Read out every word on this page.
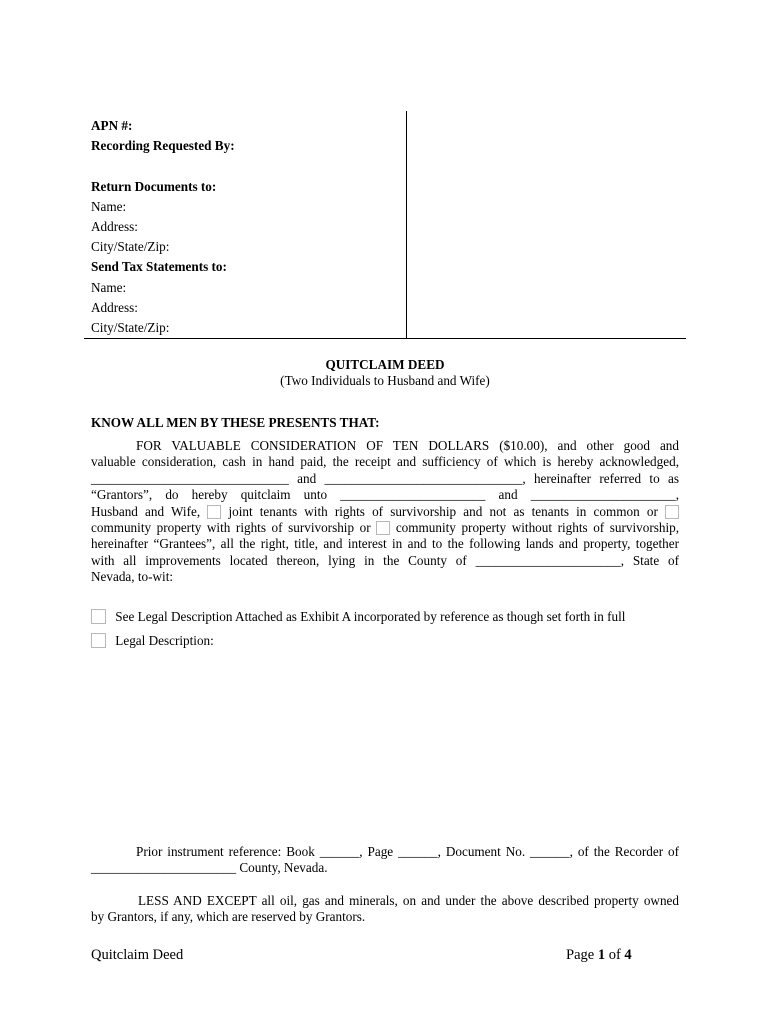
APN #:
Recording Requested By:

Return Documents to:
Name:
Address:
City/State/Zip:
Send Tax Statements to:
Name:
Address:
City/State/Zip:
QUITCLAIM DEED
(Two Individuals to Husband and Wife)
KNOW ALL MEN BY THESE PRESENTS THAT:
FOR VALUABLE CONSIDERATION OF TEN DOLLARS ($10.00), and other good and
valuable consideration, cash in hand paid, the receipt and sufficiency of which is hereby acknowledged,
______________________________ and ______________________________, hereinafter referred to as
“Grantors”, do hereby quitclaim unto ______________________ and ______________________,
Husband and Wife, joint tenants with rights of survivorship and not as tenants in common or
community property with rights of survivorship or community property without rights of survivorship,
hereinafter “Grantees”, all the right, title, and interest in and to the following lands and property, together
with all improvements located thereon, lying in the County of ______________________, State of
Nevada, to-wit:
See Legal Description Attached as Exhibit A incorporated by reference as though set forth in full
Legal Description:
Prior instrument reference: Book ______, Page ______, Document No. ______, of the Recorder of
______________________ County, Nevada.
LESS AND EXCEPT all oil, gas and minerals, on and under the above described property owned
by Grantors, if any, which are reserved by Grantors.
Quitclaim Deed	Page 1 of 4
